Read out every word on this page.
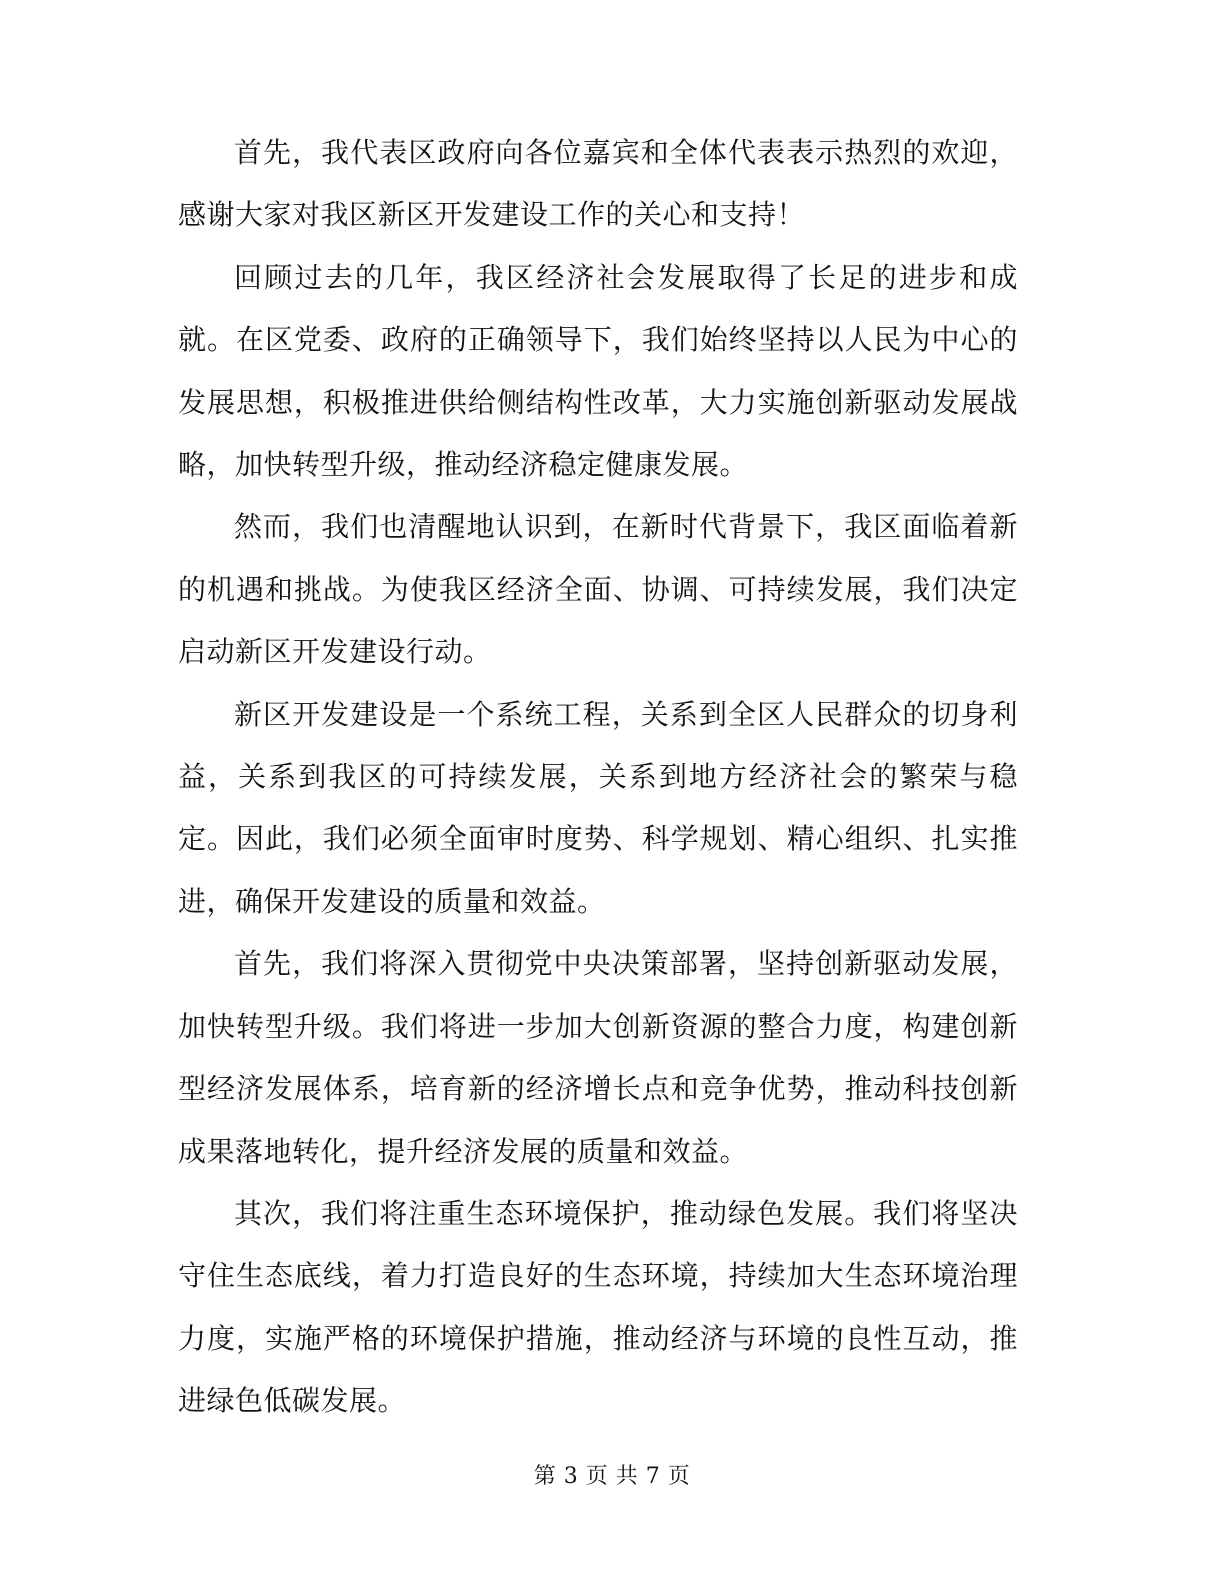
首先，我代表区政府向各位嘉宾和全体代表表示热烈的欢迎，感谢大家对我区新区开发建设工作的关心和支持！

回顾过去的几年，我区经济社会发展取得了长足的进步和成就。在区党委、政府的正确领导下，我们始终坚持以人民为中心的发展思想，积极推进供给侧结构性改革，大力实施创新驱动发展战略，加快转型升级，推动经济稳定健康发展。

然而，我们也清醒地认识到，在新时代背景下，我区面临着新的机遇和挑战。为使我区经济全面、协调、可持续发展，我们决定启动新区开发建设行动。

新区开发建设是一个系统工程，关系到全区人民群众的切身利益，关系到我区的可持续发展，关系到地方经济社会的繁荣与稳定。因此，我们必须全面审时度势、科学规划、精心组织、扎实推进，确保开发建设的质量和效益。

首先，我们将深入贯彻党中央决策部署，坚持创新驱动发展，加快转型升级。我们将进一步加大创新资源的整合力度，构建创新型经济发展体系，培育新的经济增长点和竞争优势，推动科技创新成果落地转化，提升经济发展的质量和效益。

其次，我们将注重生态环境保护，推动绿色发展。我们将坚决守住生态底线，着力打造良好的生态环境，持续加大生态环境治理力度，实施严格的环境保护措施，推动经济与环境的良性互动，推进绿色低碳发展。

第 3 页 共 7 页
